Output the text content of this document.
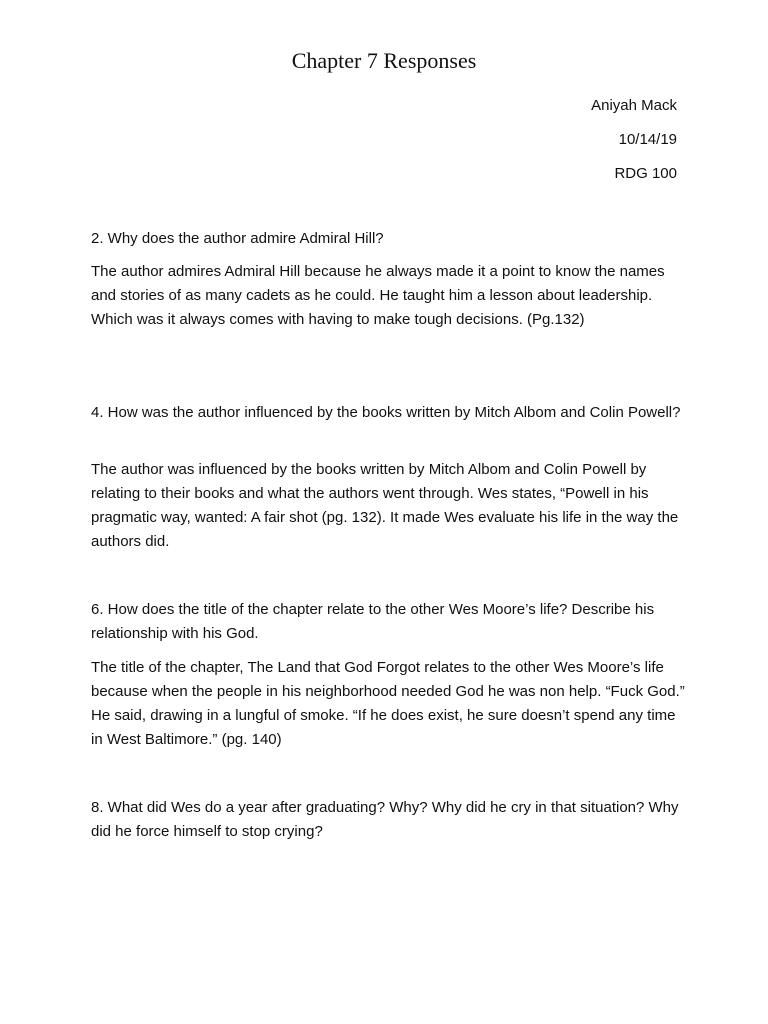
Chapter 7 Responses
Aniyah Mack
10/14/19
RDG 100

2. Why does the author admire Admiral Hill?

The author admires Admiral Hill because he always made it a point to know the names and stories of as many cadets as he could. He taught him a lesson about leadership. Which was it always comes with having to make tough decisions. (Pg.132)

4. How was the author influenced by the books written by Mitch Albom and Colin Powell?

The author was influenced by the books written by Mitch Albom and Colin Powell by relating to their books and what the authors went through. Wes states, “Powell in his pragmatic way, wanted: A fair shot (pg. 132). It made Wes evaluate his life in the way the authors did.

6. How does the title of the chapter relate to the other Wes Moore’s life? Describe his relationship with his God.

The title of the chapter, The Land that God Forgot relates to the other Wes Moore’s life because when the people in his neighborhood needed God he was non help. “Fuck God.” He said, drawing in a lungful of smoke. “If he does exist, he sure doesn’t spend any time in West Baltimore.” (pg. 140)

8. What did Wes do a year after graduating? Why? Why did he cry in that situation? Why did he force himself to stop crying?
